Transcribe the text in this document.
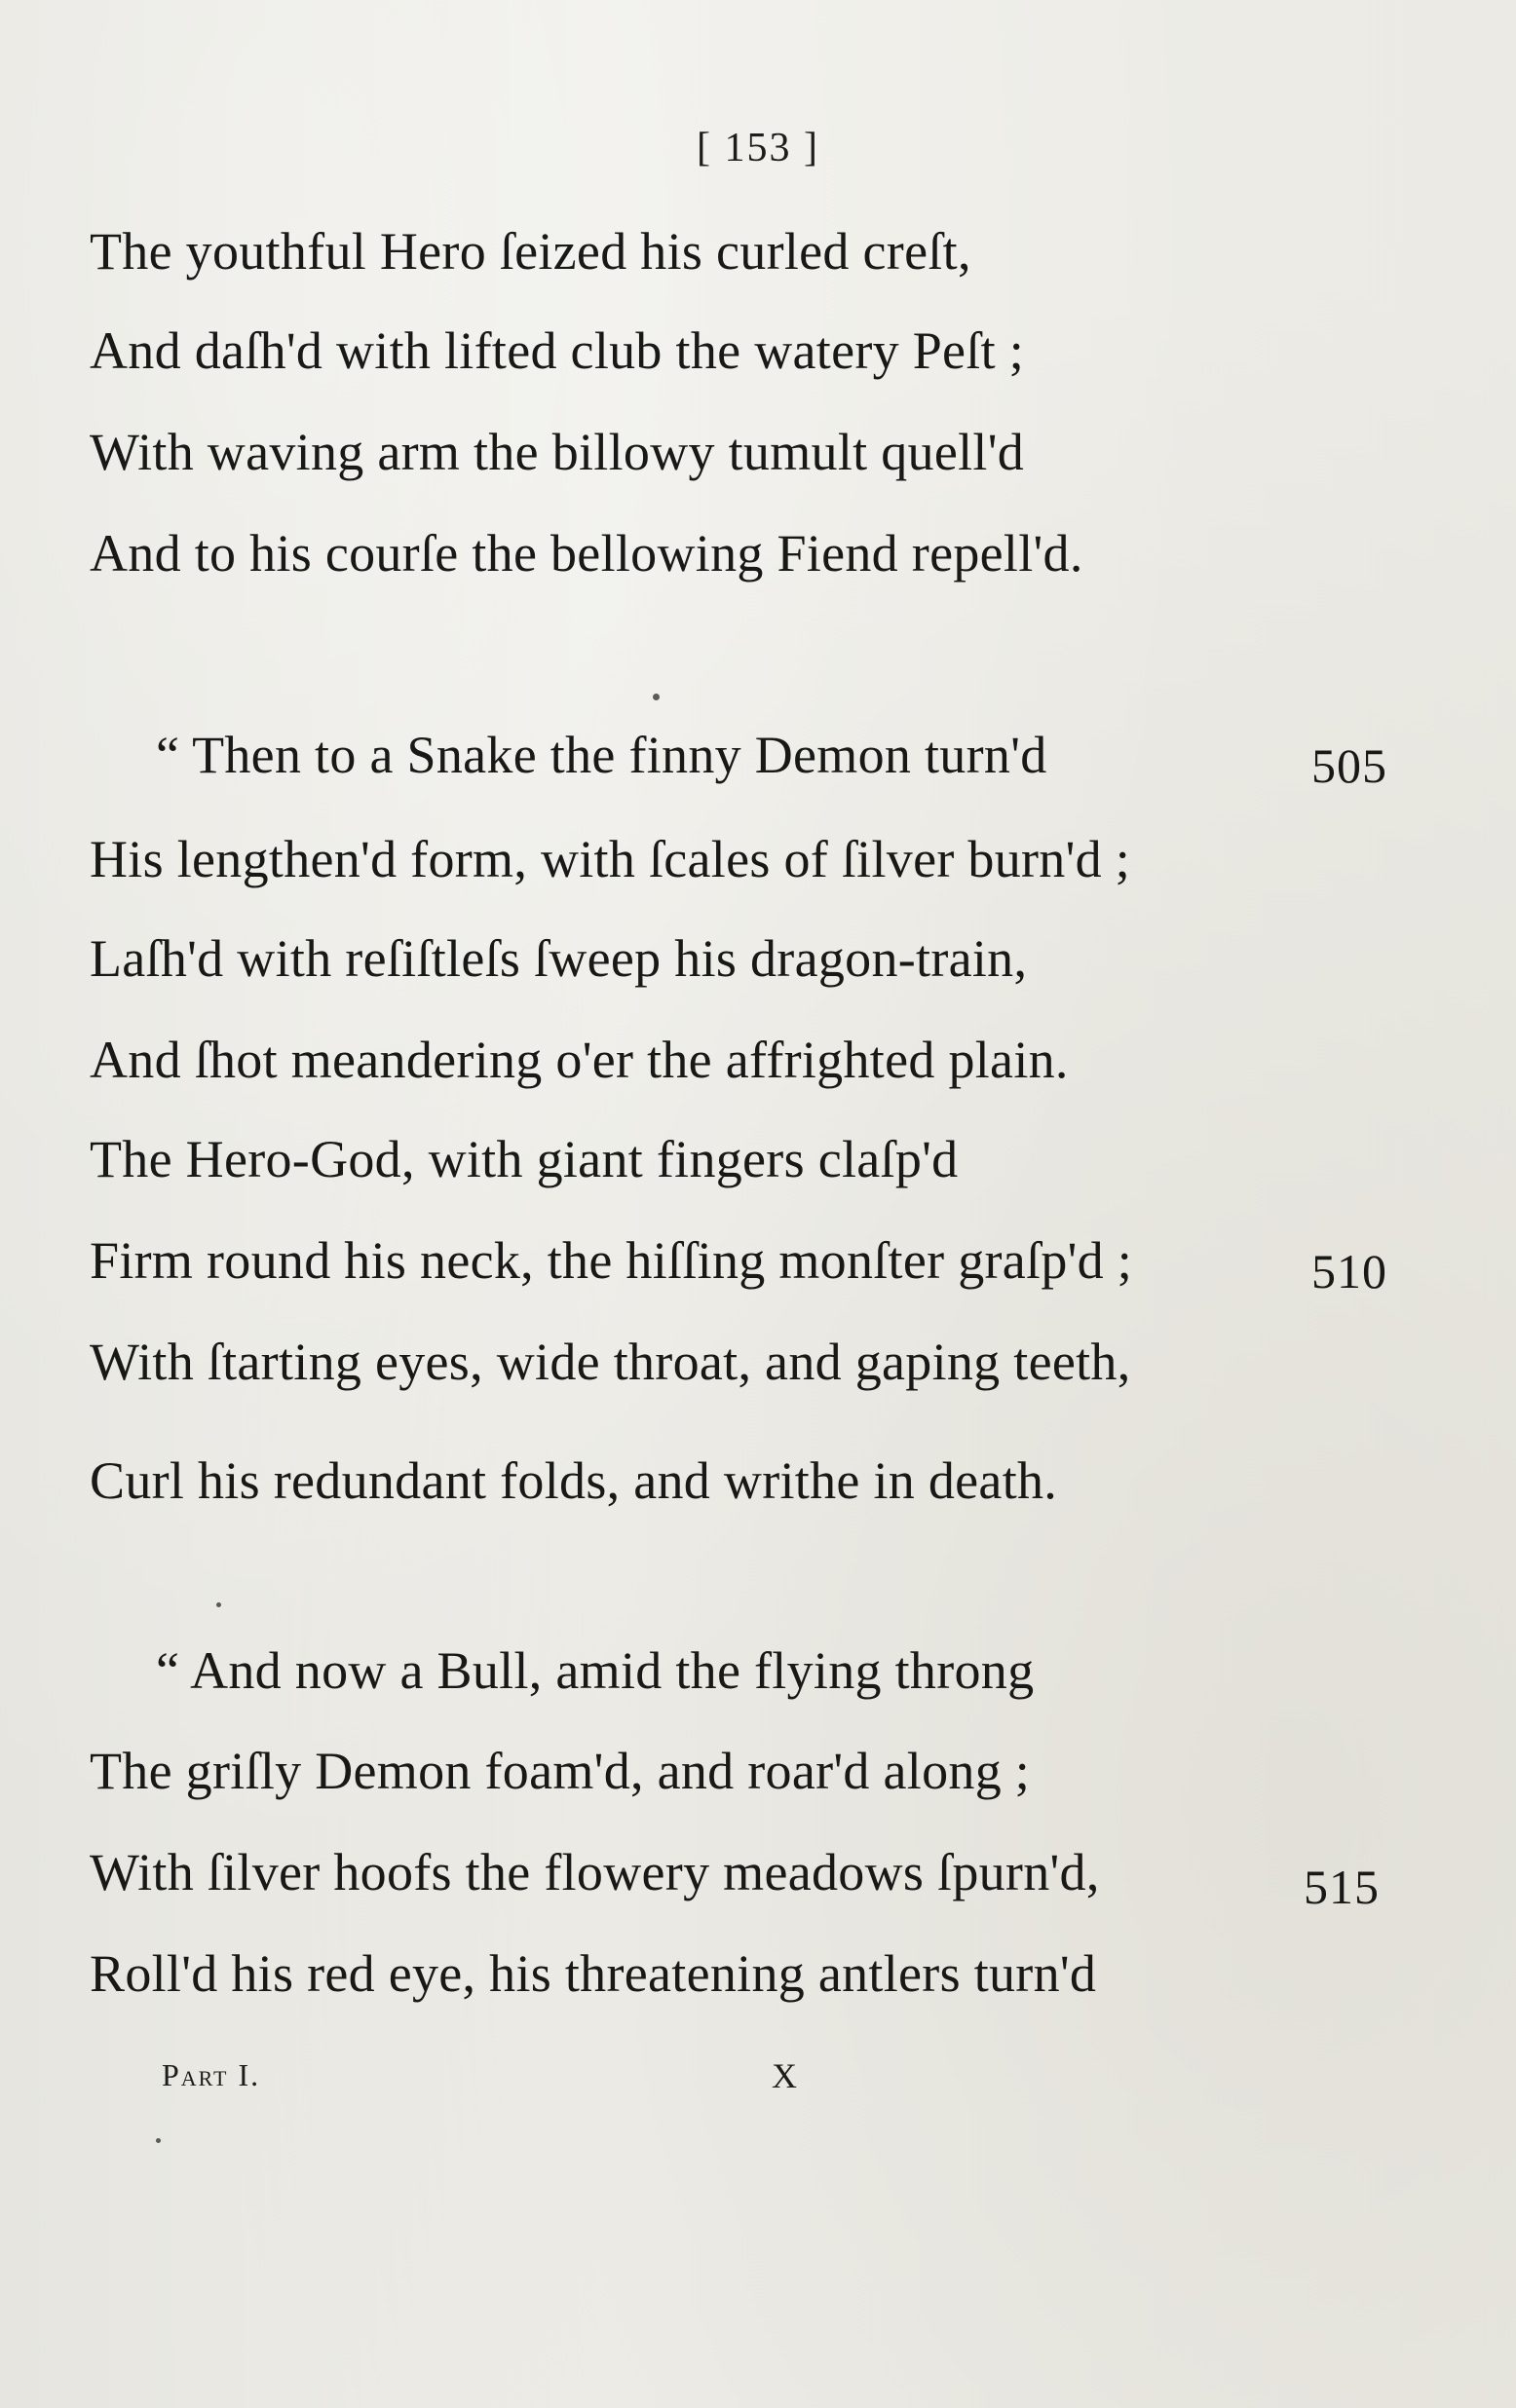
[ 153 ]
The youthful Hero ſeized his curled creſt,
And daſh'd with lifted club the watery Peſt ;
With waving arm the billowy tumult quell'd
And to his courſe the bellowing Fiend repell'd.
“ Then to a Snake the finny Demon turn'd
His lengthen'd form, with ſcales of ſilver burn'd ;
Laſh'd with reſiſtleſs ſweep his dragon-train,
And ſhot meandering o'er the affrighted plain.
The Hero-God, with giant fingers claſp'd
Firm round his neck, the hiſſing monſter graſp'd ;
With ſtarting eyes, wide throat, and gaping teeth,
Curl his redundant folds, and writhe in death.
“ And now a Bull, amid the flying throng
The griſly Demon foam'd, and roar'd along ;
With ſilver hoofs the flowery meadows ſpurn'd,
Roll'd his red eye, his threatening antlers turn'd
505
510
515
Part I.	X
